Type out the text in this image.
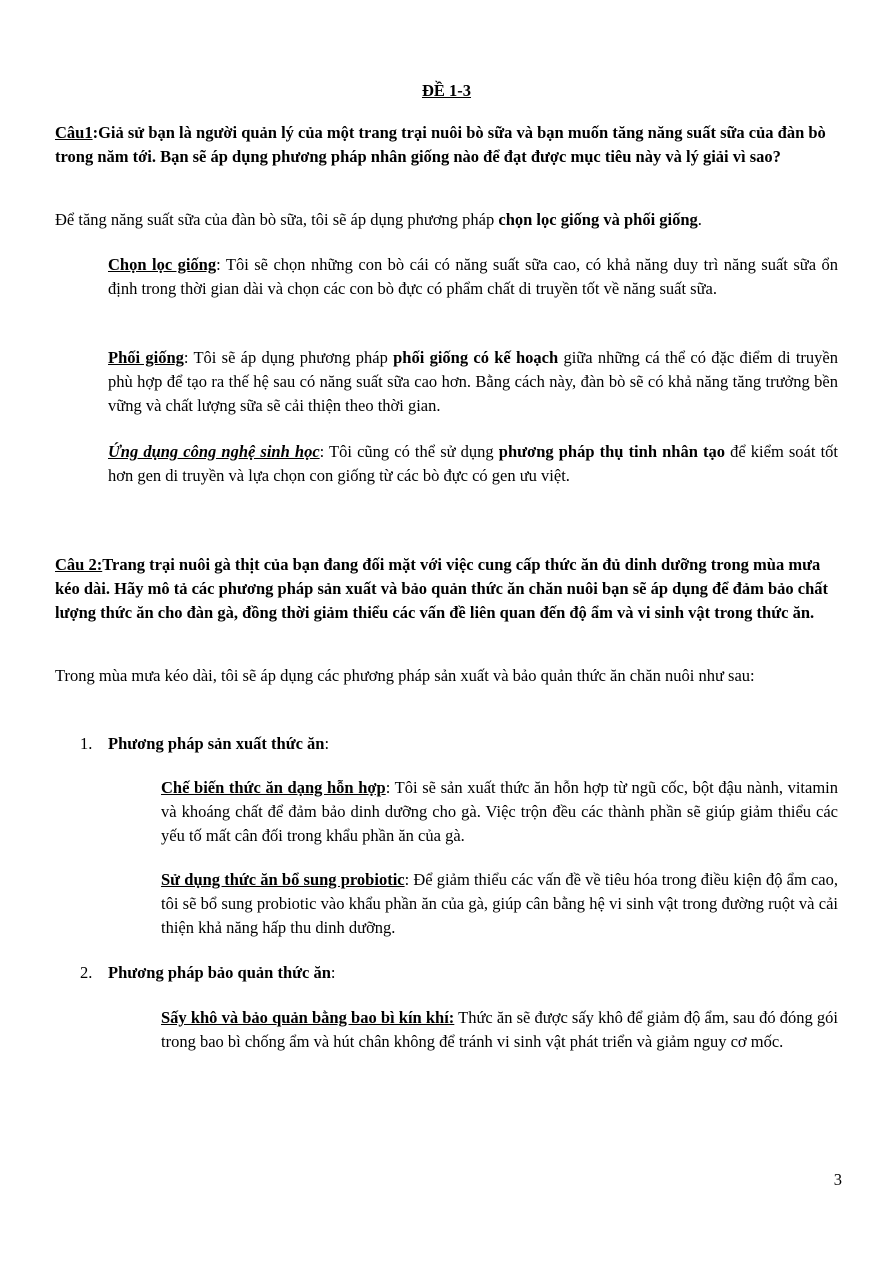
ĐỀ 1-3

Câu1:Giả sử bạn là người quản lý của một trang trại nuôi bò sữa và bạn muốn tăng năng suất sữa của đàn bò trong năm tới. Bạn sẽ áp dụng phương pháp nhân giống nào để đạt được mục tiêu này và lý giải vì sao?

Để tăng năng suất sữa của đàn bò sữa, tôi sẽ áp dụng phương pháp chọn lọc giống và phối giống.

Chọn lọc giống: Tôi sẽ chọn những con bò cái có năng suất sữa cao, có khả năng duy trì năng suất sữa ổn định trong thời gian dài và chọn các con bò đực có phẩm chất di truyền tốt về năng suất sữa.

Phối giống: Tôi sẽ áp dụng phương pháp phối giống có kế hoạch giữa những cá thể có đặc điểm di truyền phù hợp để tạo ra thế hệ sau có năng suất sữa cao hơn. Bằng cách này, đàn bò sẽ có khả năng tăng trưởng bền vững và chất lượng sữa sẽ cải thiện theo thời gian.

Ứng dụng công nghệ sinh học: Tôi cũng có thể sử dụng phương pháp thụ tinh nhân tạo để kiểm soát tốt hơn gen di truyền và lựa chọn con giống từ các bò đực có gen ưu việt.

Câu 2:Trang trại nuôi gà thịt của bạn đang đối mặt với việc cung cấp thức ăn đủ dinh dưỡng trong mùa mưa kéo dài. Hãy mô tả các phương pháp sản xuất và bảo quản thức ăn chăn nuôi bạn sẽ áp dụng để đảm bảo chất lượng thức ăn cho đàn gà, đồng thời giảm thiểu các vấn đề liên quan đến độ ẩm và vi sinh vật trong thức ăn.

Trong mùa mưa kéo dài, tôi sẽ áp dụng các phương pháp sản xuất và bảo quản thức ăn chăn nuôi như sau:

1. Phương pháp sản xuất thức ăn:

Chế biến thức ăn dạng hỗn hợp: Tôi sẽ sản xuất thức ăn hỗn hợp từ ngũ cốc, bột đậu nành, vitamin và khoáng chất để đảm bảo dinh dưỡng cho gà. Việc trộn đều các thành phần sẽ giúp giảm thiểu các yếu tố mất cân đối trong khẩu phần ăn của gà.

Sử dụng thức ăn bổ sung probiotic: Để giảm thiểu các vấn đề về tiêu hóa trong điều kiện độ ẩm cao, tôi sẽ bổ sung probiotic vào khẩu phần ăn của gà, giúp cân bằng hệ vi sinh vật trong đường ruột và cải thiện khả năng hấp thu dinh dưỡng.

2. Phương pháp bảo quản thức ăn:

Sấy khô và bảo quản bằng bao bì kín khí: Thức ăn sẽ được sấy khô để giảm độ ẩm, sau đó đóng gói trong bao bì chống ẩm và hút chân không để tránh vi sinh vật phát triển và giảm nguy cơ mốc.

3
